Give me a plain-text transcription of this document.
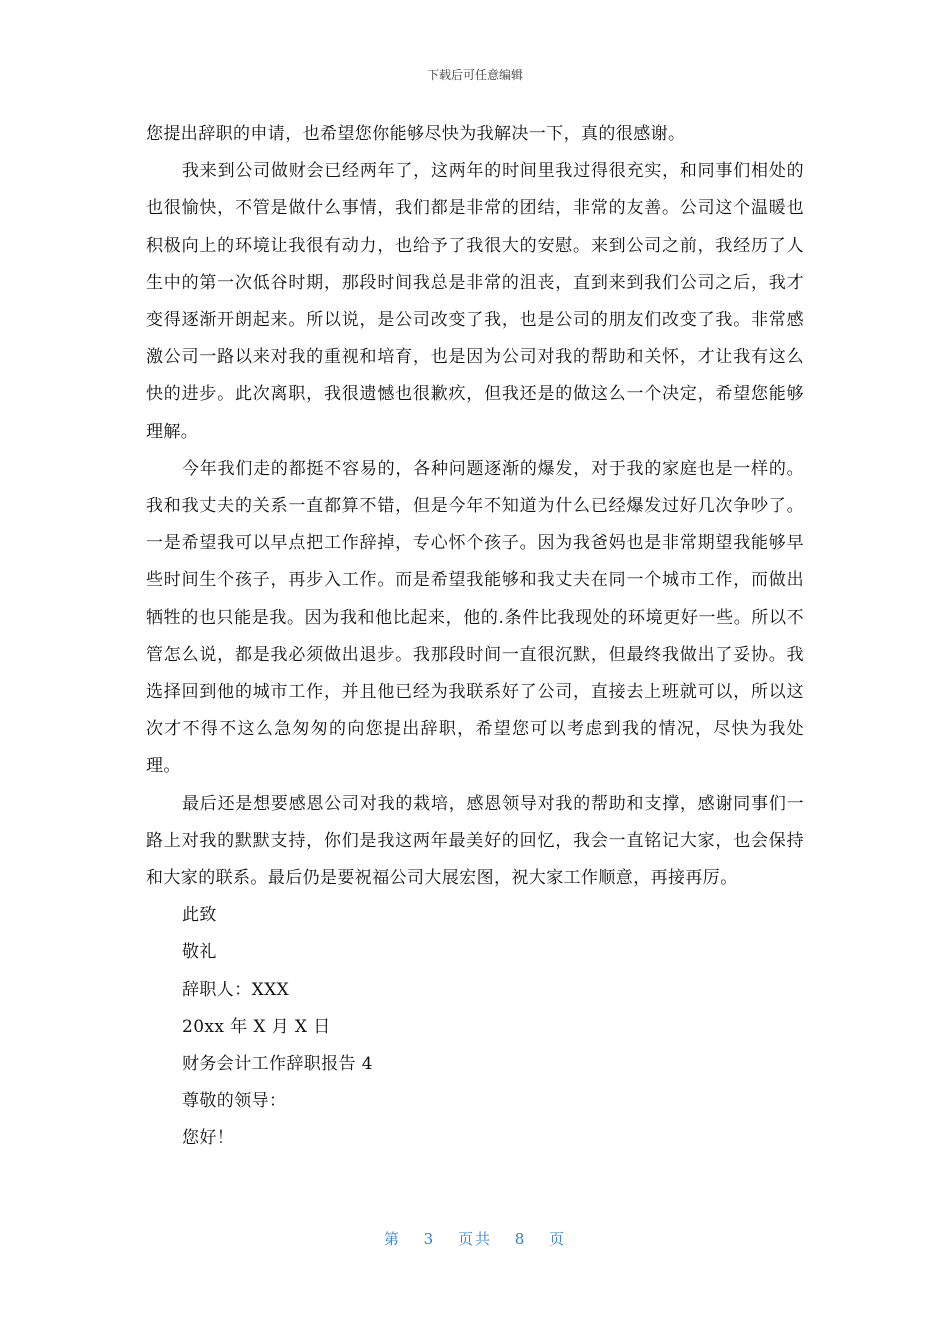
下载后可任意编辑

您提出辞职的申请，也希望您你能够尽快为我解决一下，真的很感谢。

我来到公司做财会已经两年了，这两年的时间里我过得很充实，和同事们相处的也很愉快，不管是做什么事情，我们都是非常的团结，非常的友善。公司这个温暖也积极向上的环境让我很有动力，也给予了我很大的安慰。来到公司之前，我经历了人生中的第一次低谷时期，那段时间我总是非常的沮丧，直到来到我们公司之后，我才变得逐渐开朗起来。所以说，是公司改变了我，也是公司的朋友们改变了我。非常感激公司一路以来对我的重视和培育，也是因为公司对我的帮助和关怀，才让我有这么快的进步。此次离职，我很遗憾也很歉疚，但我还是的做这么一个决定，希望您能够理解。

今年我们走的都挺不容易的，各种问题逐渐的爆发，对于我的家庭也是一样的。我和我丈夫的关系一直都算不错，但是今年不知道为什么已经爆发过好几次争吵了。一是希望我可以早点把工作辞掉，专心怀个孩子。因为我爸妈也是非常期望我能够早些时间生个孩子，再步入工作。而是希望我能够和我丈夫在同一个城市工作，而做出牺牲的也只能是我。因为我和他比起来，他的.条件比我现处的环境更好一些。所以不管怎么说，都是我必须做出退步。我那段时间一直很沉默，但最终我做出了妥协。我选择回到他的城市工作，并且他已经为我联系好了公司，直接去上班就可以，所以这次才不得不这么急匆匆的向您提出辞职，希望您可以考虑到我的情况，尽快为我处理。

最后还是想要感恩公司对我的栽培，感恩领导对我的帮助和支撑，感谢同事们一路上对我的默默支持，你们是我这两年最美好的回忆，我会一直铭记大家，也会保持和大家的联系。最后仍是要祝福公司大展宏图，祝大家工作顺意，再接再厉。

此致

敬礼

辞职人：XXX

20xx 年 X 月 X 日

财务会计工作辞职报告 4

尊敬的领导：

您好！

第 3 页共 8 页
